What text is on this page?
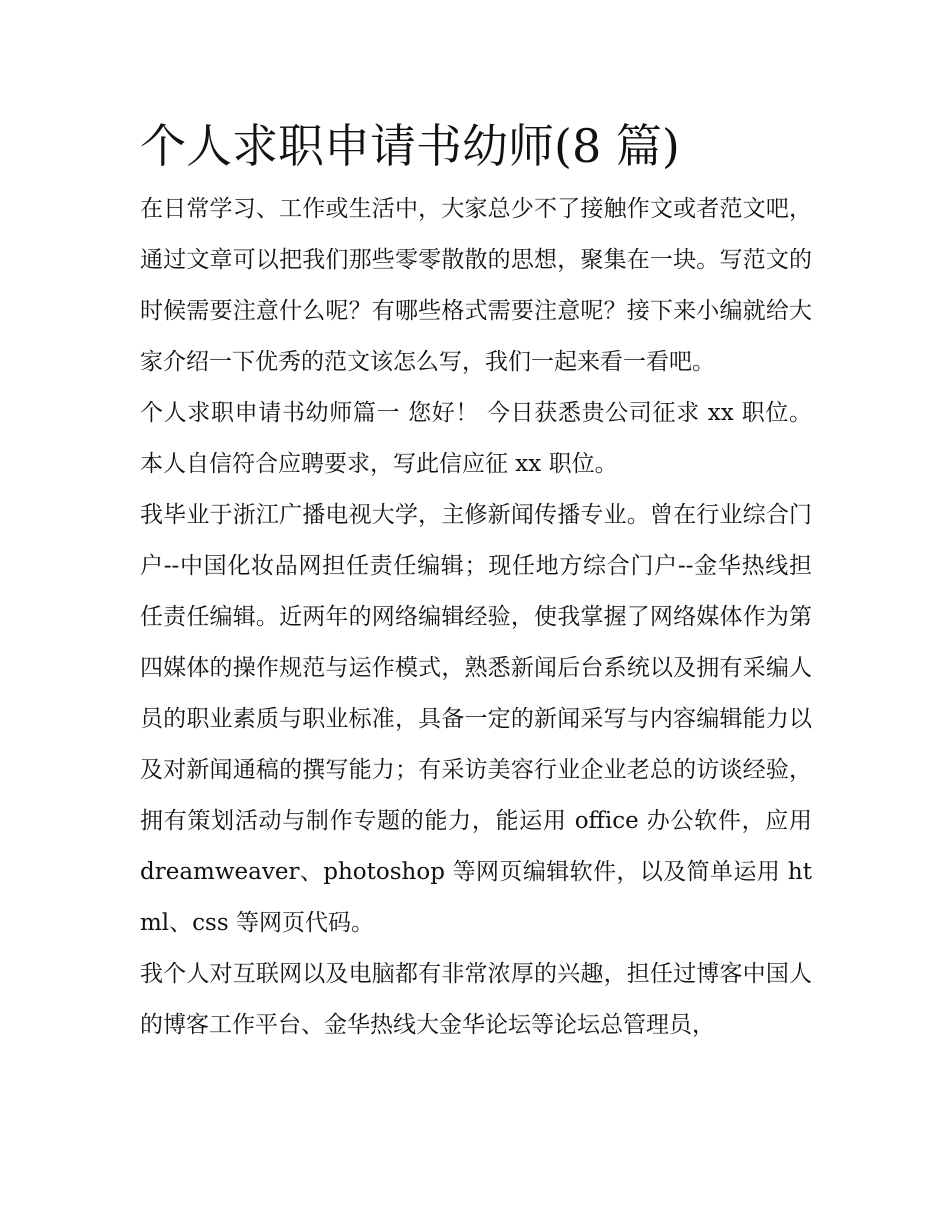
个人求职申请书幼师(8 篇)

在日常学习、工作或生活中，大家总少不了接触作文或者范文吧，通过文章可以把我们那些零零散散的思想，聚集在一块。写范文的时候需要注意什么呢？有哪些格式需要注意呢？接下来小编就给大家介绍一下优秀的范文该怎么写，我们一起来看一看吧。

个人求职申请书幼师篇一 您好！ 今日获悉贵公司征求 xx 职位。本人自信符合应聘要求，写此信应征 xx 职位。

我毕业于浙江广播电视大学，主修新闻传播专业。曾在行业综合门户--中国化妆品网担任责任编辑；现任地方综合门户--金华热线担任责任编辑。近两年的网络编辑经验，使我掌握了网络媒体作为第四媒体的操作规范与运作模式，熟悉新闻后台系统以及拥有采编人员的职业素质与职业标准，具备一定的新闻采写与内容编辑能力以及对新闻通稿的撰写能力；有采访美容行业企业老总的访谈经验，拥有策划活动与制作专题的能力，能运用 office 办公软件，应用 dreamweaver、photoshop 等网页编辑软件，以及简单运用 html、css 等网页代码。

我个人对互联网以及电脑都有非常浓厚的兴趣，担任过博客中国人的博客工作平台、金华热线大金华论坛等论坛总管理员，
